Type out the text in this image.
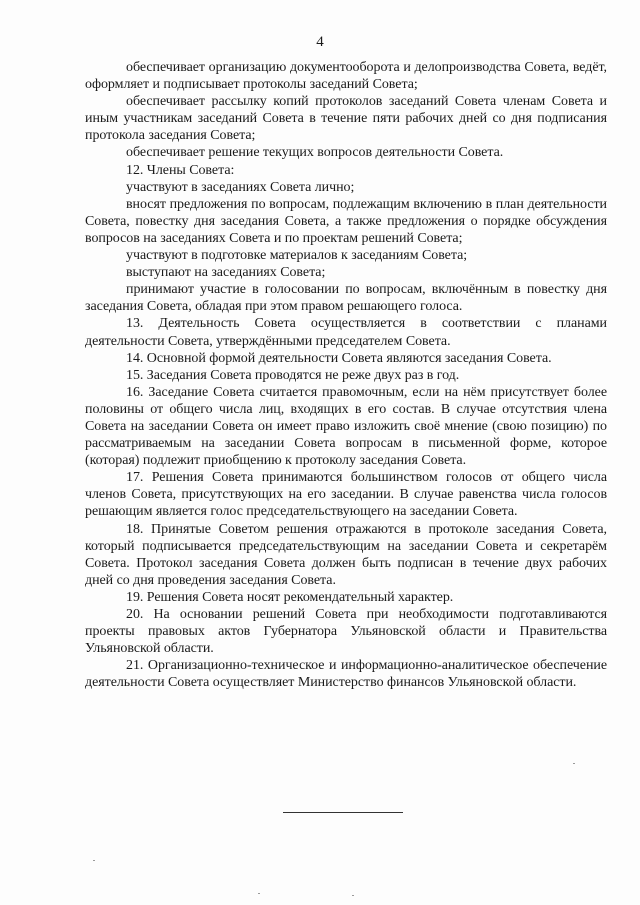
4

обеспечивает организацию документооборота и делопроизводства Совета, ведёт, оформляет и подписывает протоколы заседаний Совета;

обеспечивает рассылку копий протоколов заседаний Совета членам Совета и иным участникам заседаний Совета в течение пяти рабочих дней со дня подписания протокола заседания Совета;

обеспечивает решение текущих вопросов деятельности Совета.

12. Члены Совета:

участвуют в заседаниях Совета лично;

вносят предложения по вопросам, подлежащим включению в план деятельности Совета, повестку дня заседания Совета, а также предложения о порядке обсуждения вопросов на заседаниях Совета и по проектам решений Совета;

участвуют в подготовке материалов к заседаниям Совета;

выступают на заседаниях Совета;

принимают участие в голосовании по вопросам, включённым в повестку дня заседания Совета, обладая при этом правом решающего голоса.

13. Деятельность Совета осуществляется в соответствии с планами деятельности Совета, утверждёнными председателем Совета.

14. Основной формой деятельности Совета являются заседания Совета.

15. Заседания Совета проводятся не реже двух раз в год.

16. Заседание Совета считается правомочным, если на нём присутствует более половины от общего числа лиц, входящих в его состав. В случае отсутствия члена Совета на заседании Совета он имеет право изложить своё мнение (свою позицию) по рассматриваемым на заседании Совета вопросам в письменной форме, которое (которая) подлежит приобщению к протоколу заседания Совета.

17. Решения Совета принимаются большинством голосов от общего числа членов Совета, присутствующих на его заседании. В случае равенства числа голосов решающим является голос председательствующего на заседании Совета.

18. Принятые Советом решения отражаются в протоколе заседания Совета, который подписывается председательствующим на заседании Совета и секретарём Совета. Протокол заседания Совета должен быть подписан в течение двух рабочих дней со дня проведения заседания Совета.

19. Решения Совета носят рекомендательный характер.

20. На основании решений Совета при необходимости подготавливаются проекты правовых актов Губернатора Ульяновской области и Правительства Ульяновской области.

21. Организационно-техническое и информационно-аналитическое обеспечение деятельности Совета осуществляет Министерство финансов Ульяновской области.
